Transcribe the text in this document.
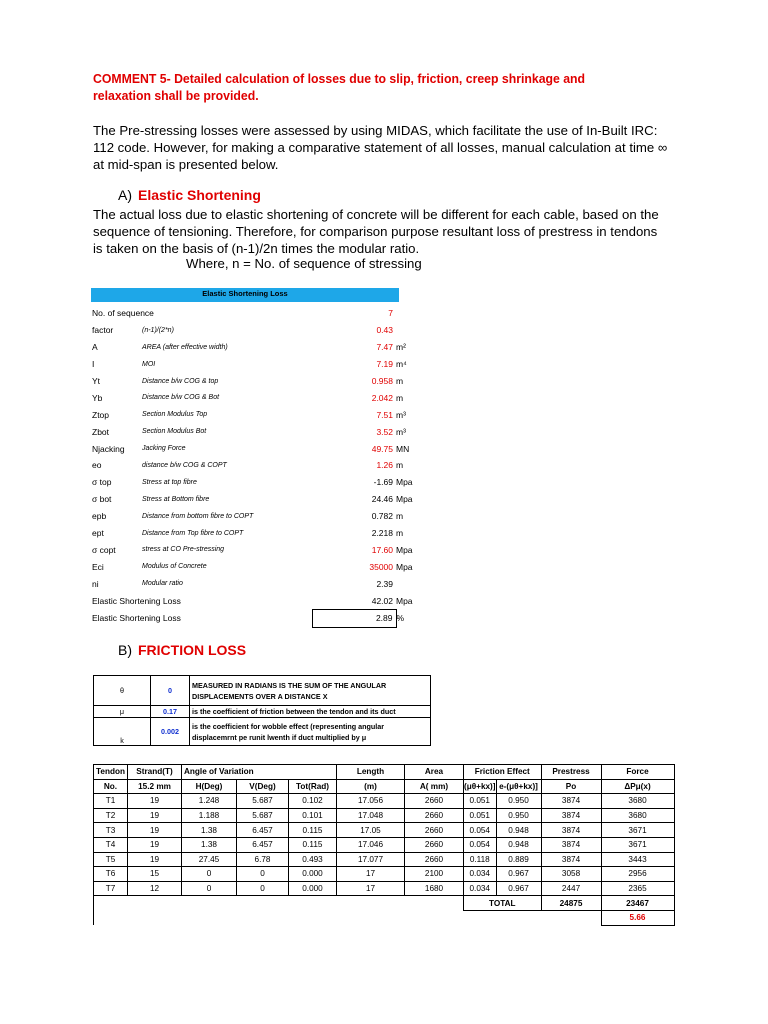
COMMENT 5- Detailed calculation of losses due to slip, friction, creep shrinkage and relaxation shall be provided.
The Pre-stressing losses were assessed by using MIDAS, which facilitate the use of In-Built IRC: 112 code. However, for making a comparative statement of all losses, manual calculation at time ∞ at mid-span is presented below.
A) Elastic Shortening
The actual loss due to elastic shortening of concrete will be different for each cable, based on the sequence of tensioning. Therefore, for comparison purpose resultant loss of prestress in tendons is taken on the basis of (n-1)/2n times the modular ratio.
Where, n = No. of sequence of stressing
Elastic Shortening Loss
No. of sequence		7	
factor	(n-1)/(2*n)	0.43	
A	AREA (after effective width)	7.47	m²
I	MOI	7.19	m⁴
Yt	Distance b/w COG & top	0.958	m
Yb	Distance b/w COG & Bot	2.042	m
Ztop	Section Modulus Top	7.51	m³
Zbot	Section Modulus Bot	3.52	m³
Njacking	Jacking Force	49.75	MN
eo	distance b/w COG & COPT	1.26	m
σ top	Stress at top fibre	-1.69	Mpa
σ bot	Stress at Bottom fibre	24.46	Mpa
epb	Distance from bottom fibre to COPT	0.782	m
ept	Distance from Top fibre to COPT	2.218	m
σ copt	stress at CO Pre-stressing	17.60	Mpa
Eci	Modulus of Concrete	35000	Mpa
ni	Modular ratio	2.39	
Elastic Shortening Loss		42.02	Mpa
Elastic Shortening Loss		2.89	%
B) FRICTION LOSS
θ	0	MEASURED IN RADIANS IS THE SUM OF THE ANGULAR DISPLACEMENTS OVER A DISTANCE X
μ	0.17	is the coefficient of friction between the tendon and its duct
k	0.002	is the coefficient for wobble effect (representing angular displacemrnt pe runit lwenth if duct multiplied by μ
Tendon	Strand(T)	Angle of Variation			Length	Area	Friction Effect		Prestress	Force
No.	15.2 mm	H(Deg)	V(Deg)	Tot(Rad)	(m)	A( mm)	(μθ+kx)]	e-(μθ+kx)]	Po	ΔPμ(x)
T1	19	1.248	5.687	0.102	17.056	2660	0.051	0.950	3874	3680
T2	19	1.188	5.687	0.101	17.048	2660	0.051	0.950	3874	3680
T3	19	1.38	6.457	0.115	17.05	2660	0.054	0.948	3874	3671
T4	19	1.38	6.457	0.115	17.046	2660	0.054	0.948	3874	3671
T5	19	27.45	6.78	0.493	17.077	2660	0.118	0.889	3874	3443
T6	15	0	0	0.000	17	2100	0.034	0.967	3058	2956
T7	12	0	0	0.000	17	1680	0.034	0.967	2447	2365
							TOTAL		24875	23467
										5.66
